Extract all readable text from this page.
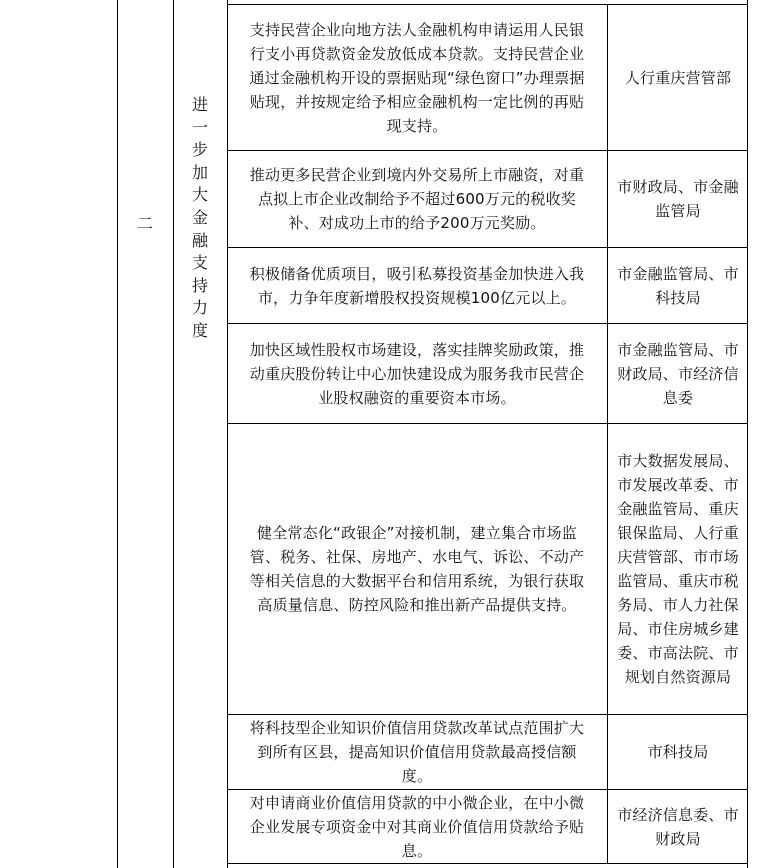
二
进一步加大金融支持力度
支持民营企业向地方法人金融机构申请运用人民银行支小再贷款资金发放低成本贷款。支持民营企业通过金融机构开设的票据贴现“绿色窗口”办理票据贴现，并按规定给予相应金融机构一定比例的再贴现支持。
人行重庆营管部
推动更多民营企业到境内外交易所上市融资，对重点拟上市企业改制给予不超过600万元的税收奖补、对成功上市的给予200万元奖励。
市财政局、市金融监管局
积极储备优质项目，吸引私募投资基金加快进入我市，力争年度新增股权投资规模100亿元以上。
市金融监管局、市科技局
加快区域性股权市场建设，落实挂牌奖励政策，推动重庆股份转让中心加快建设成为服务我市民营企业股权融资的重要资本市场。
市金融监管局、市财政局、市经济信息委
健全常态化“政银企”对接机制，建立集合市场监管、税务、社保、房地产、水电气、诉讼、不动产等相关信息的大数据平台和信用系统，为银行获取高质量信息、防控风险和推出新产品提供支持。
市大数据发展局、市发展改革委、市金融监管局、重庆银保监局、人行重庆营管部、市市场监管局、重庆市税务局、市人力社保局、市住房城乡建委、市高法院、市规划自然资源局
将科技型企业知识价值信用贷款改革试点范围扩大到所有区县，提高知识价值信用贷款最高授信额度。
市科技局
对申请商业价值信用贷款的中小微企业，在中小微企业发展专项资金中对其商业价值信用贷款给予贴息。
市经济信息委、市财政局
